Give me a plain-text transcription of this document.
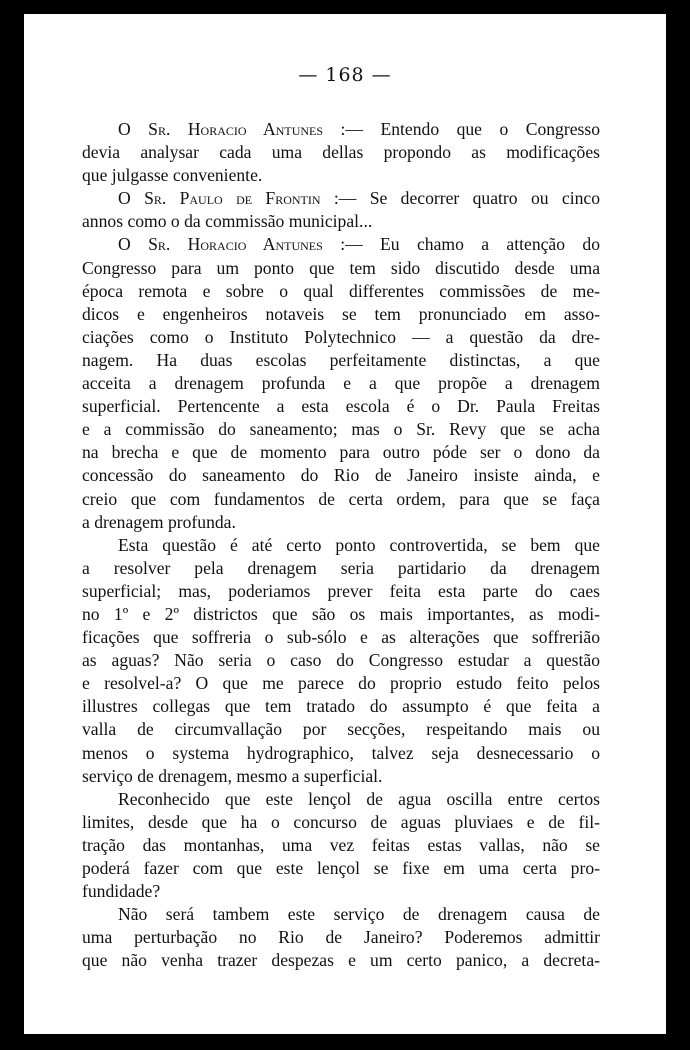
— 168 —
O Sr. Horacio Antunes :— Entendo que o Congresso
devia analysar cada uma dellas propondo as modificações
que julgasse conveniente.
O Sr. Paulo de Frontin :— Se decorrer quatro ou cinco
annos como o da commissão municipal...
O Sr. Horacio Antunes :— Eu chamo a attenção do
Congresso para um ponto que tem sido discutido desde uma
época remota e sobre o qual differentes commissões de me-
dicos e engenheiros notaveis se tem pronunciado em asso-
ciações como o Instituto Polytechnico — a questão da dre-
nagem. Ha duas escolas perfeitamente distinctas, a que
acceita a drenagem profunda e a que propõe a drenagem
superficial. Pertencente a esta escola é o Dr. Paula Freitas
e a commissão do saneamento; mas o Sr. Revy que se acha
na brecha e que de momento para outro póde ser o dono da
concessão do saneamento do Rio de Janeiro insiste ainda, e
creio que com fundamentos de certa ordem, para que se faça
a drenagem profunda.
Esta questão é até certo ponto controvertida, se bem que
a resolver pela drenagem seria partidario da drenagem
superficial; mas, poderiamos prever feita esta parte do caes
no 1º e 2º districtos que são os mais importantes, as modi-
ficações que soffreria o sub-sólo e as alterações que soffrerião
as aguas? Não seria o caso do Congresso estudar a questão
e resolvel-a? O que me parece do proprio estudo feito pelos
illustres collegas que tem tratado do assumpto é que feita a
valla de circumvallação por secções, respeitando mais ou
menos o systema hydrographico, talvez seja desnecessario o
serviço de drenagem, mesmo a superficial.
Reconhecido que este lençol de agua oscilla entre certos
limites, desde que ha o concurso de aguas pluviaes e de fil-
tração das montanhas, uma vez feitas estas vallas, não se
poderá fazer com que este lençol se fixe em uma certa pro-
fundidade?
Não será tambem este serviço de drenagem causa de
uma perturbação no Rio de Janeiro? Poderemos admittir
que não venha trazer despezas e um certo panico, a decreta-
